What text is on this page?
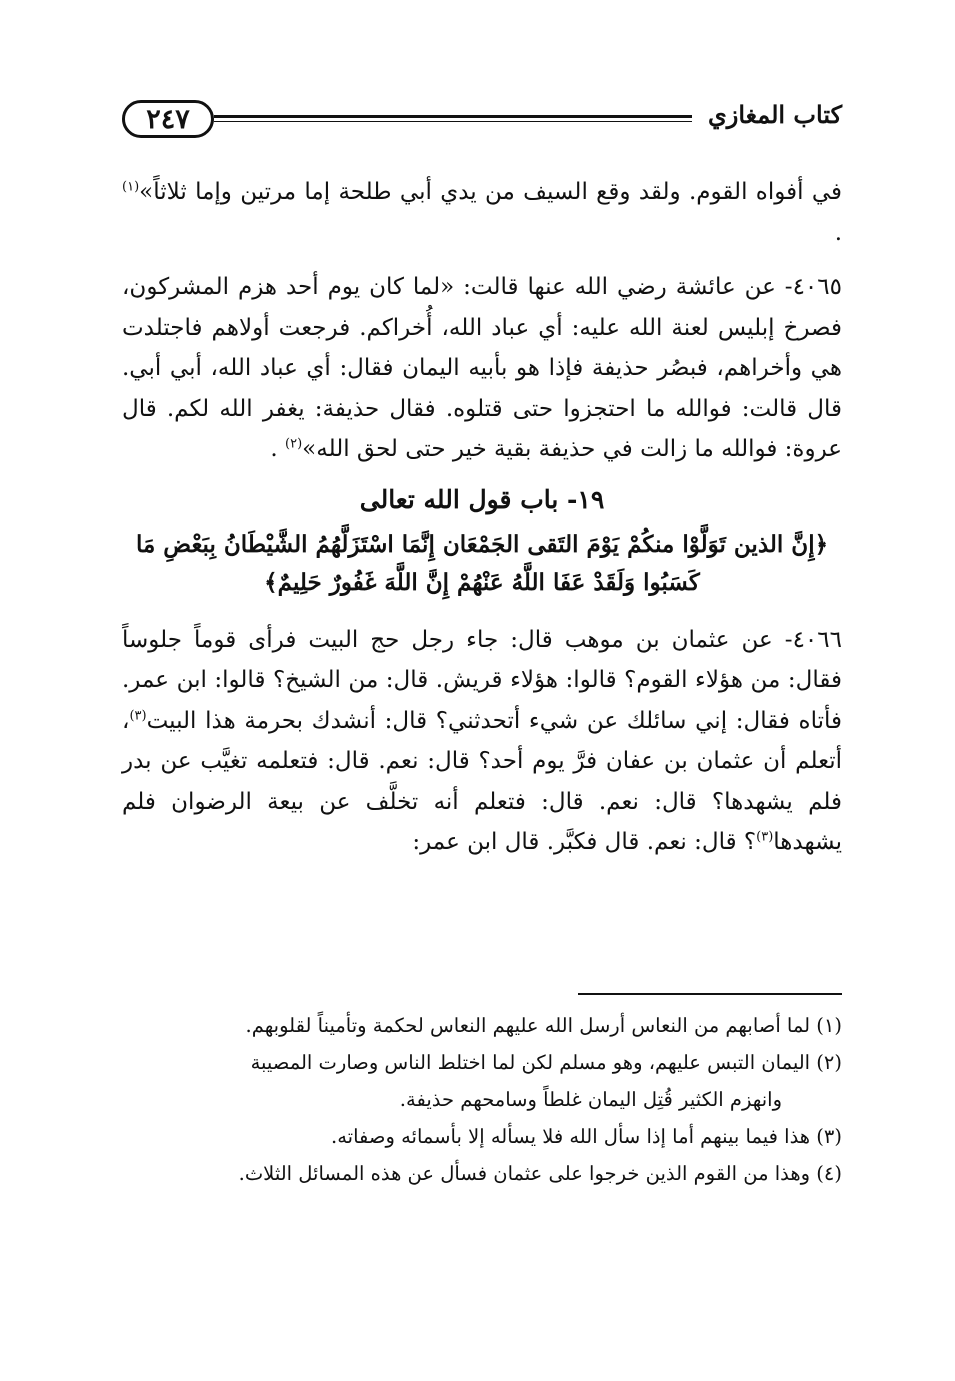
٢٤٧	كتاب المغازي

في أفواه القوم. ولقد وقع السيف من يدي أبي طلحة إما مرتين وإما ثلاثاً»$^{(١)}$ .

٤٠٦٥- عن عائشة رضي الله عنها قالت: «لما كان يوم أحد هزم المشركون، فصرخ إبليس لعنة الله عليه: أي عباد الله، أُخراكم. فرجعت أولاهم فاجتلدت هي وأخراهم، فبصُر حذيفة فإذا هو بأبيه اليمان فقال: أي عباد الله، أبي أبي. قال قالت: فوالله ما احتجزوا حتى قتلوه. فقال حذيفة: يغفر الله لكم. قال عروة: فوالله ما زالت في حذيفة بقية خير حتى لحق الله»$^{(٢)}$ .

١٩- باب قول الله تعالى
﴿إِنَّ الذين تَوَلَّوْا منكُمْ يَوْمَ التَقى الجَمْعَان إِنَّمَا اسْتَزَلَّهُمُ الشَّيْطَانُ بِبَعْضِ مَا كَسَبُوا وَلَقَدْ عَفَا اللَّهُ عَنْهُمْ إِنَّ اللَّهَ غَفُورٌ حَلِيمٌ﴾

٤٠٦٦- عن عثمان بن موهب قال: جاء رجل حج البيت فرأى قوماً جلوساً فقال: من هؤلاء القوم؟ قالوا: هؤلاء قريش. قال: من الشيخ؟ قالوا: ابن عمر. فأتاه فقال: إني سائلك عن شيء أتحدثني؟ قال: أنشدك بحرمة هذا البيت$^{(٣)}$، أتعلم أن عثمان بن عفان فرَّ يوم أحد؟ قال: نعم. قال: فتعلمه تغيَّب عن بدر فلم يشهدها؟ قال: نعم. قال: فتعلم أنه تخلَّف عن بيعة الرضوان فلم يشهدها$^{(٣)}$؟ قال: نعم. قال فكبَّر. قال ابن عمر:

(١) لما أصابهم من النعاس أرسل الله عليهم النعاس لحكمة وتأميناً لقلوبهم.

(٢) اليمان التبس عليهم، وهو مسلم لكن لما اختلط الناس وصارت المصيبة

وانهزم الكثير قُتِل اليمان غلطاً وسامحهم حذيفة.

(٣) هذا فيما بينهم أما إذا سأل الله فلا يسأله إلا بأسمائه وصفاته.

(٤) وهذا من القوم الذين خرجوا على عثمان فسأل عن هذه المسائل الثلاث.
